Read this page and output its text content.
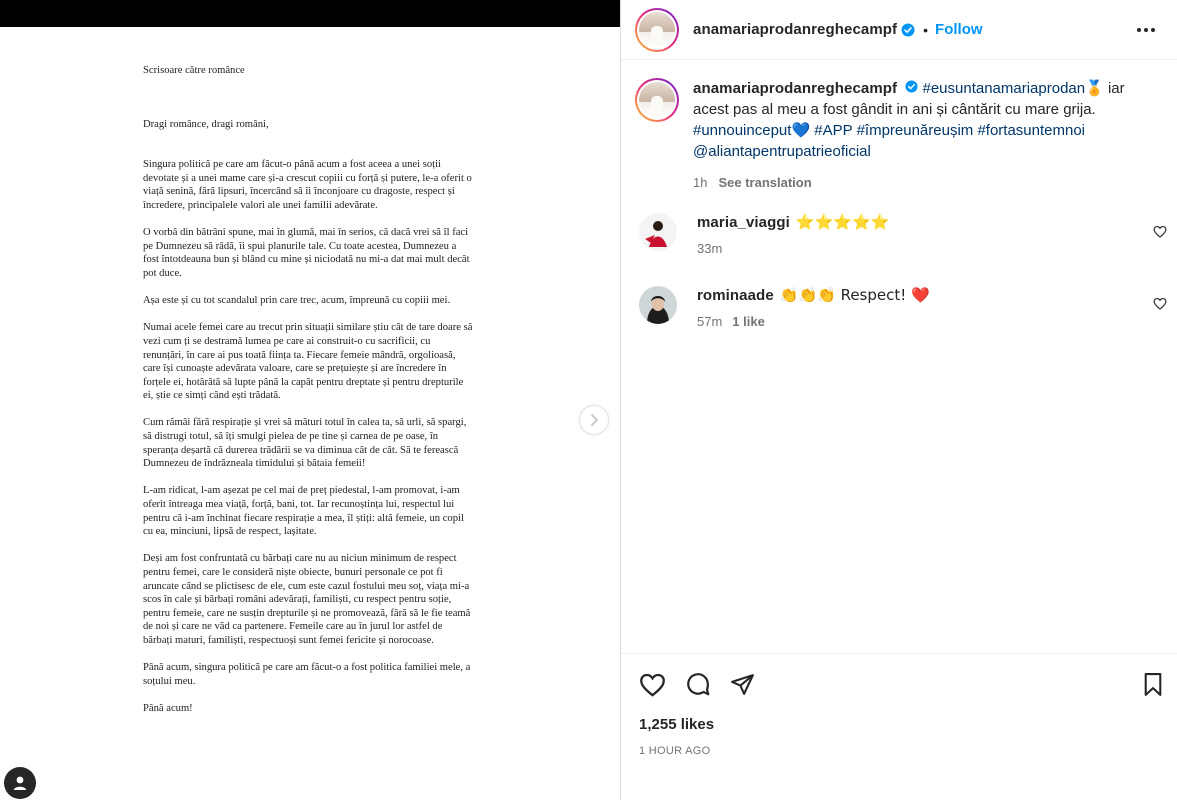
Scrisoare către românce
Dragi românce, dragi români,

Singura politică pe care am făcut-o până acum a fost aceea a unei soții devotate și a unei mame care și-a crescut copiii cu forță și putere, le-a oferit o viață senină, fără lipsuri, încercând să îi înconjoare cu dragoste, respect și încredere, principalele valori ale unei familii adevărate.

O vorbă din bătrâni spune, mai în glumă, mai în serios, că dacă vrei să îl faci pe Dumnezeu să râdă, îi spui planurile tale. Cu toate acestea, Dumnezeu a fost întotdeauna bun și blând cu mine și niciodată nu mi-a dat mai mult decât pot duce.

Așa este și cu tot scandalul prin care trec, acum, împreună cu copiii mei.

Numai acele femei care au trecut prin situații similare știu cât de tare doare să vezi cum ți se destramă lumea pe care ai construit-o cu sacrificii, cu renunțări, în care ai pus toată ființa ta. Fiecare femeie mândră, orgolioasă, care își cunoaște adevărata valoare, care se prețuiește și are încredere în forțele ei, hotărâtă să lupte până la capăt pentru dreptate și pentru drepturile ei, știe ce simți când ești trădată.

Cum rămâi fără respirație și vrei să mături totul în calea ta, să urli, să spargi, să distrugi totul, să îți smulgi pielea de pe tine și carnea de pe oase, în speranța deșartă că durerea trădării se va diminua cât de cât. Să te ferească Dumnezeu de îndrăzneala timidului și bătaia femeii!

L-am ridicat, l-am așezat pe cel mai de preț piedestal, l-am promovat, i-am oferit întreaga mea viață, forță, bani, tot. Iar recunoștința lui, respectul lui pentru că i-am închinat fiecare respirație a mea, îl știți: altă femeie, un copil cu ea, minciuni, lipsă de respect, lașitate.

Deși am fost confruntată cu bărbați care nu au niciun minimum de respect pentru femei, care le consideră niște obiecte, bunuri personale ce pot fi aruncate când se plictisesc de ele, cum este cazul fostului meu soț, viața mi-a scos în cale și bărbați români adevărați, familiști, cu respect pentru soție, pentru femeie, care ne susțin drepturile și ne promovează, fără să le fie teamă de noi și care ne văd ca partenere. Femeile care au în jurul lor astfel de bărbați maturi, familiști, respectuoși sunt femei fericite și norocoase.

Până acum, singura politică pe care am făcut-o a fost politica familiei mele, a soțului meu.

Până acum!

anamariaprodanreghecampf • Follow
anamariaprodanreghecampf #eusuntanamariaprodan🏅 iar acest pas al meu a fost gândit in ani și cântărit cu mare grija. #unnouinceput💙 #APP #împreunăreușim #fortasuntemnoi @aliantapentrupatrieoficial
1h See translation
maria_viaggi ⭐⭐⭐⭐⭐
33m
rominaade 👏👏👏 Respect! ❤️
57m 1 like
1,255 likes
1 HOUR AGO
